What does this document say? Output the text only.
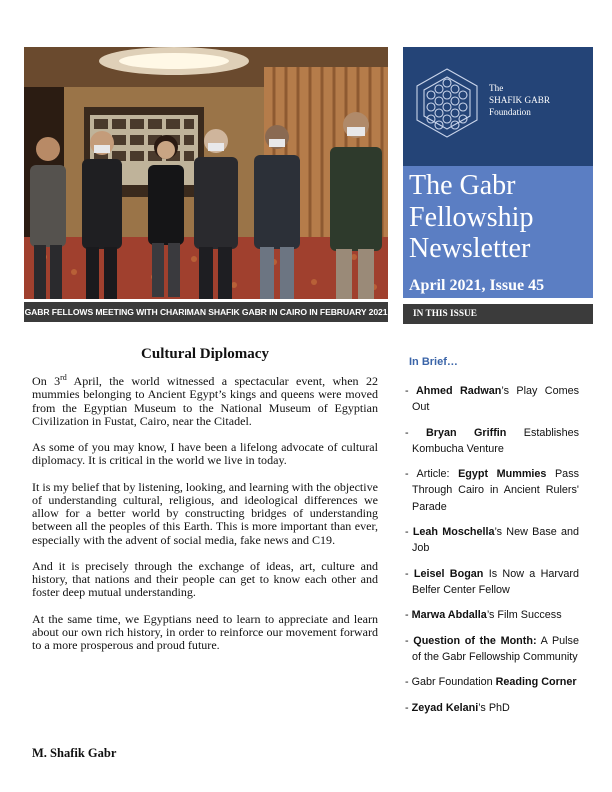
GABR FELLOWS MEETING WITH CHARIMAN SHAFIK GABR IN CAIRO IN FEBRUARY 2021
The
SHAFIK GABR
Foundation
The Gabr
Fellowship
Newsletter
April 2021, Issue 45
IN THIS ISSUE
Cultural Diplomacy

On 3rd April, the world witnessed a spectacular event, when 22 mummies belonging to Ancient Egypt’s kings and queens were moved from the Egyptian Museum to the National Museum of Egyptian Civilization in Fustat, Cairo, near the Citadel.

As some of you may know, I have been a lifelong advocate of cultural diplomacy. It is critical in the world we live in today.

It is my belief that by listening, looking, and learning with the objective of understanding cultural, religious, and ideological differences we allow for a better world by constructing bridges of understanding between all the peoples of this Earth. This is more important than ever, especially with the advent of social media, fake news and C19.

And it is precisely through the exchange of ideas, art, culture and history, that nations and their people can get to know each other and foster deep mutual understanding.

At the same time, we Egyptians need to learn to appreciate and learn about our own rich history, in order to reinforce our movement forward to a more prosperous and proud future.

M. Shafik Gabr
In Brief…
- Ahmed Radwan’s Play Comes Out
- Bryan Griffin Establishes Kombucha Venture
- Article: Egypt Mummies Pass Through Cairo in Ancient Rulers' Parade
- Leah Moschella’s New Base and Job
- Leisel Bogan Is Now a Harvard Belfer Center Fellow
- Marwa Abdalla’s Film Success
- Question of the Month: A Pulse of the Gabr Fellowship Community
- Gabr Foundation Reading Corner
- Zeyad Kelani’s PhD
